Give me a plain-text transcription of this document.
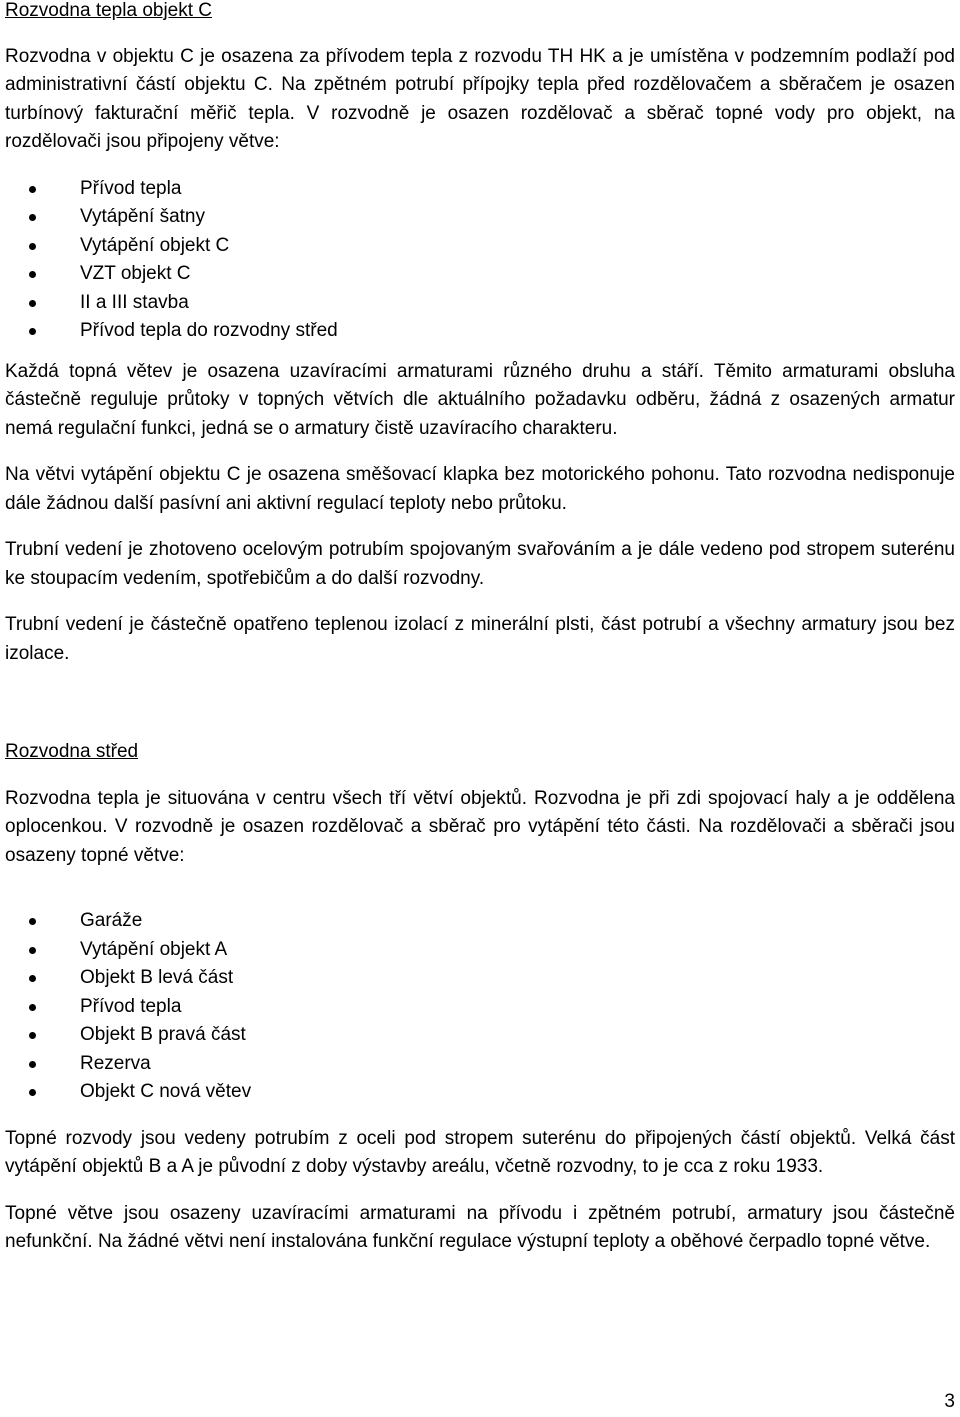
Rozvodna tepla objekt C

Rozvodna v objektu C je osazena za přívodem tepla z rozvodu TH HK a je umístěna v podzemním podlaží pod administrativní částí objektu C. Na zpětném potrubí přípojky tepla před rozdělovačem a sběračem je osazen turbínový fakturační měřič tepla. V rozvodně je osazen rozdělovač a sběrač topné vody pro objekt, na rozdělovači jsou připojeny větve:

Přívod tepla
Vytápění šatny
Vytápění objekt C
VZT objekt C
II a III stavba
Přívod tepla do rozvodny střed

Každá topná větev je osazena uzavíracími armaturami různého druhu a stáří. Těmito armaturami obsluha částečně reguluje průtoky v topných větvích dle aktuálního požadavku odběru, žádná z osazených armatur nemá regulační funkci, jedná se o armatury čistě uzavíracího charakteru.

Na větvi vytápění objektu C je osazena směšovací klapka bez motorického pohonu. Tato rozvodna nedisponuje dále žádnou další pasívní ani aktivní regulací teploty nebo průtoku.

Trubní vedení je zhotoveno ocelovým potrubím spojovaným svařováním a je dále vedeno pod stropem suterénu ke stoupacím vedením, spotřebičům a do další rozvodny.

Trubní vedení je částečně opatřeno teplenou izolací z minerální plsti, část potrubí a všechny armatury jsou bez izolace.

Rozvodna střed

Rozvodna tepla je situována v centru všech tří větví objektů. Rozvodna je při zdi spojovací haly a je oddělena oplocenkou. V rozvodně je osazen rozdělovač a sběrač pro vytápění této části. Na rozdělovači a sběrači jsou osazeny topné větve:

Garáže
Vytápění objekt A
Objekt B levá část
Přívod tepla
Objekt B pravá část
Rezerva
Objekt C nová větev

Topné rozvody jsou vedeny potrubím z oceli pod stropem suterénu do připojených částí objektů. Velká část vytápění objektů B a A je původní z doby výstavby areálu, včetně rozvodny, to je cca z roku 1933.

Topné větve jsou osazeny uzavíracími armaturami na přívodu i zpětném potrubí, armatury jsou částečně nefunkční. Na žádné větvi není instalována funkční regulace výstupní teploty a oběhové čerpadlo topné větve.

3
